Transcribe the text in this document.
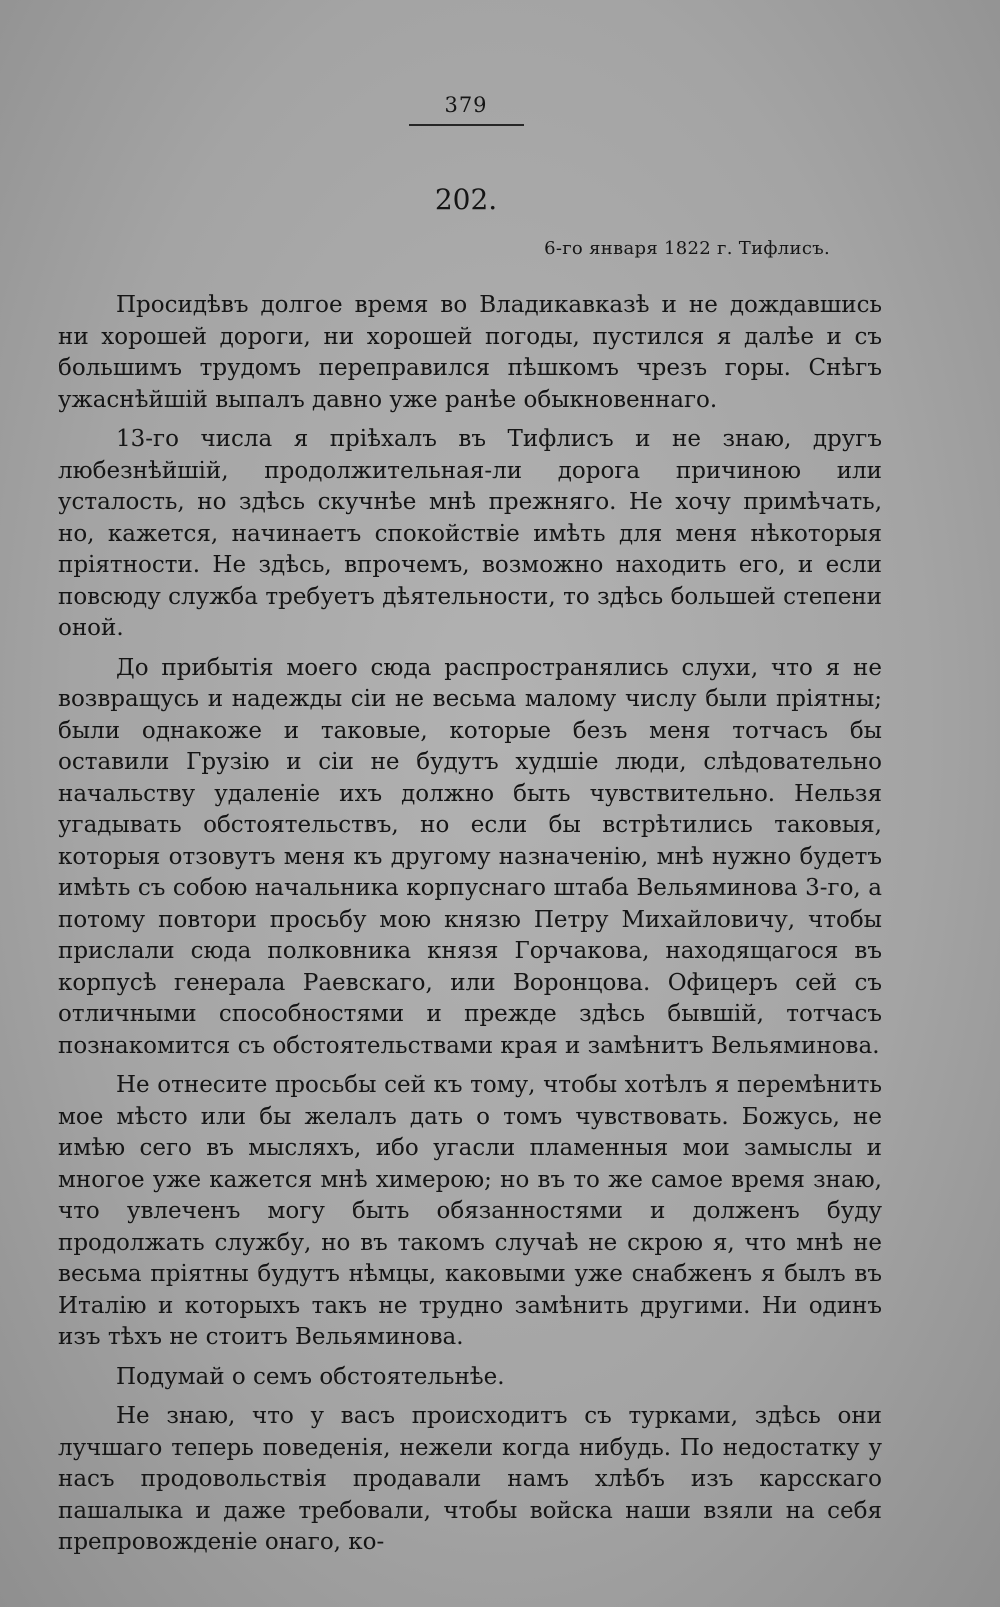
379
202.
6-го января 1822 г. Тифлисъ.

Просидѣвъ долгое время во Владикавказѣ и не дождавшись ни хорошей дороги, ни хорошей погоды, пустился я далѣе и съ большимъ трудомъ переправился пѣшкомъ чрезъ горы. Снѣгъ ужаснѣйшій выпалъ давно уже ранѣе обыкновеннаго.

13-го числа я пріѣхалъ въ Тифлисъ и не знаю, другъ любезнѣйшій, продолжительная-ли дорога причиною или усталость, но здѣсь скучнѣе мнѣ прежняго. Не хочу примѣчать, но, кажется, начинаетъ спокойствіе имѣть для меня нѣкоторыя пріятности. Не здѣсь, впрочемъ, возможно находить его, и если повсюду служба требуетъ дѣятельности, то здѣсь большей степени оной.

До прибытія моего сюда распространялись слухи, что я не возвращусь и надежды сіи не весьма малому числу были пріятны; были однакоже и таковые, которые безъ меня тотчасъ бы оставили Грузію и сіи не будутъ худшіе люди, слѣдовательно начальству удаленіе ихъ должно быть чувствительно. Нельзя угадывать обстоятельствъ, но если бы встрѣтились таковыя, которыя отзовутъ меня къ другому назначенію, мнѣ нужно будетъ имѣть съ собою начальника корпуснаго штаба Вельяминова 3-го, а потому повтори просьбу мою князю Петру Михайловичу, чтобы прислали сюда полковника князя Горчакова, находящагося въ корпусѣ генерала Раевскаго, или Воронцова. Офицеръ сей съ отличными способностями и прежде здѣсь бывшій, тотчасъ познакомится съ обстоятельствами края и замѣнитъ Вельяминова.

Не отнесите просьбы сей къ тому, чтобы хотѣлъ я перемѣнить мое мѣсто или бы желалъ дать о томъ чувствовать. Божусь, не имѣю сего въ мысляхъ, ибо угасли пламенныя мои замыслы и многое уже кажется мнѣ химерою; но въ то же самое время знаю, что увлеченъ могу быть обязанностями и долженъ буду продолжать службу, но въ такомъ случаѣ не скрою я, что мнѣ не весьма пріятны будутъ нѣмцы, каковыми уже снабженъ я былъ въ Италію и которыхъ такъ не трудно замѣнить другими. Ни одинъ изъ тѣхъ не стоитъ Вельяминова.

Подумай о семъ обстоятельнѣе.

Не знаю, что у васъ происходитъ съ турками, здѣсь они лучшаго теперь поведенія, нежели когда нибудь. По недостатку у насъ продовольствія продавали намъ хлѣбъ изъ карсскаго пашалыка и даже требовали, чтобы войска наши взяли на себя препровожденіе онаго, ко-
